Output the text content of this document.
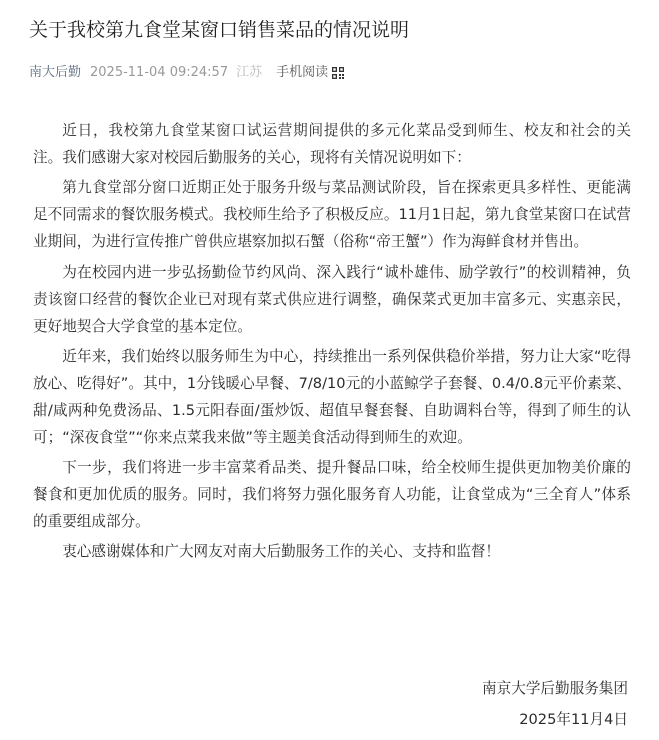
关于我校第九食堂某窗口销售菜品的情况说明
南大后勤 2025-11-04 09:24:57 江苏 手机阅读

近日，我校第九食堂某窗口试运营期间提供的多元化菜品受到师生、校友和社会的关注。我们感谢大家对校园后勤服务的关心，现将有关情况说明如下：

第九食堂部分窗口近期正处于服务升级与菜品测试阶段，旨在探索更具多样性、更能满足不同需求的餐饮服务模式。我校师生给予了积极反应。11月1日起，第九食堂某窗口在试营业期间，为进行宣传推广曾供应堪察加拟石蟹（俗称“帝王蟹”）作为海鲜食材并售出。

为在校园内进一步弘扬勤俭节约风尚、深入践行“诚朴雄伟、励学敦行”的校训精神，负责该窗口经营的餐饮企业已对现有菜式供应进行调整，确保菜式更加丰富多元、实惠亲民，更好地契合大学食堂的基本定位。

近年来，我们始终以服务师生为中心，持续推出一系列保供稳价举措，努力让大家“吃得放心、吃得好”。其中，1分钱暖心早餐、7/8/10元的小蓝鲸学子套餐、0.4/0.8元平价素菜、甜/咸两种免费汤品、1.5元阳春面/蛋炒饭、超值早餐套餐、自助调料台等，得到了师生的认可；“深夜食堂”“你来点菜我来做”等主题美食活动得到师生的欢迎。

下一步，我们将进一步丰富菜肴品类、提升餐品口味，给全校师生提供更加物美价廉的餐食和更加优质的服务。同时，我们将努力强化服务育人功能，让食堂成为“三全育人”体系的重要组成部分。

衷心感谢媒体和广大网友对南大后勤服务工作的关心、支持和监督！

南京大学后勤服务集团
2025年11月4日
